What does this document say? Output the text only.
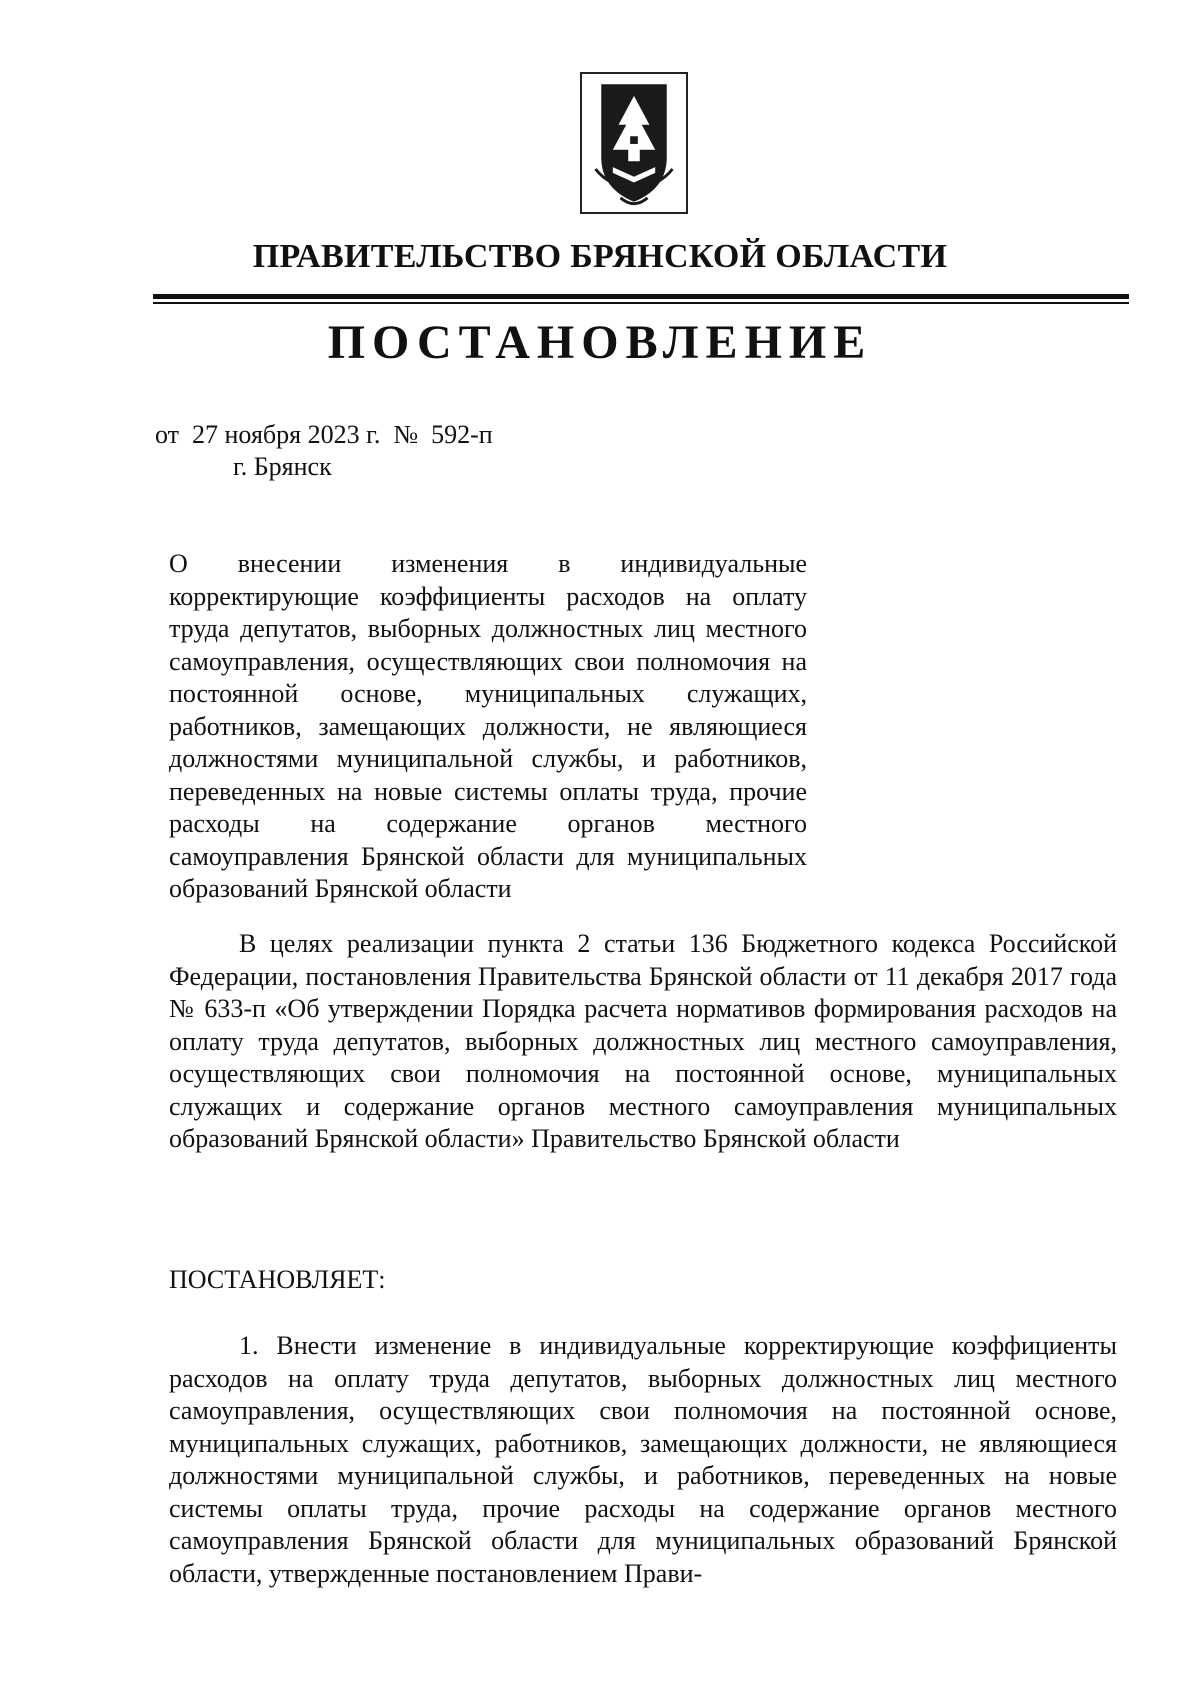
ПРАВИТЕЛЬСТВО БРЯНСКОЙ ОБЛАСТИ
ПОСТАНОВЛЕНИЕ
от  27 ноября 2023 г.  №  592-п
г. Брянск
О внесении изменения в индивидуальные корректирующие коэффициенты расходов на оплату труда депутатов, выборных должностных лиц местного самоуправления, осуществляющих свои полномочия на постоянной основе, муниципальных служащих, работников, замещающих должности, не являющиеся должностями муниципальной службы, и работников, переведенных на новые системы оплаты труда, прочие расходы на содержание органов местного самоуправления Брянской области для муниципальных образований Брянской области

В целях реализации пункта 2 статьи 136 Бюджетного кодекса Российской Федерации, постановления Правительства Брянской области от 11 декабря 2017 года № 633-п «Об утверждении Порядка расчета нормативов формирования расходов на оплату труда депутатов, выборных должностных лиц местного самоуправления, осуществляющих свои полномочия на постоянной основе, муниципальных служащих и содержание органов местного самоуправления муниципальных образований Брянской области» Правительство Брянской области

ПОСТАНОВЛЯЕТ:

1. Внести изменение в индивидуальные корректирующие коэффициенты расходов на оплату труда депутатов, выборных должностных лиц местного самоуправления, осуществляющих свои полномочия на постоянной основе, муниципальных служащих, работников, замещающих должности, не являющиеся должностями муниципальной службы, и работников, переведенных на новые системы оплаты труда, прочие расходы на содержание органов местного самоуправления Брянской области для муниципальных образований Брянской области, утвержденные постановлением Прави-
